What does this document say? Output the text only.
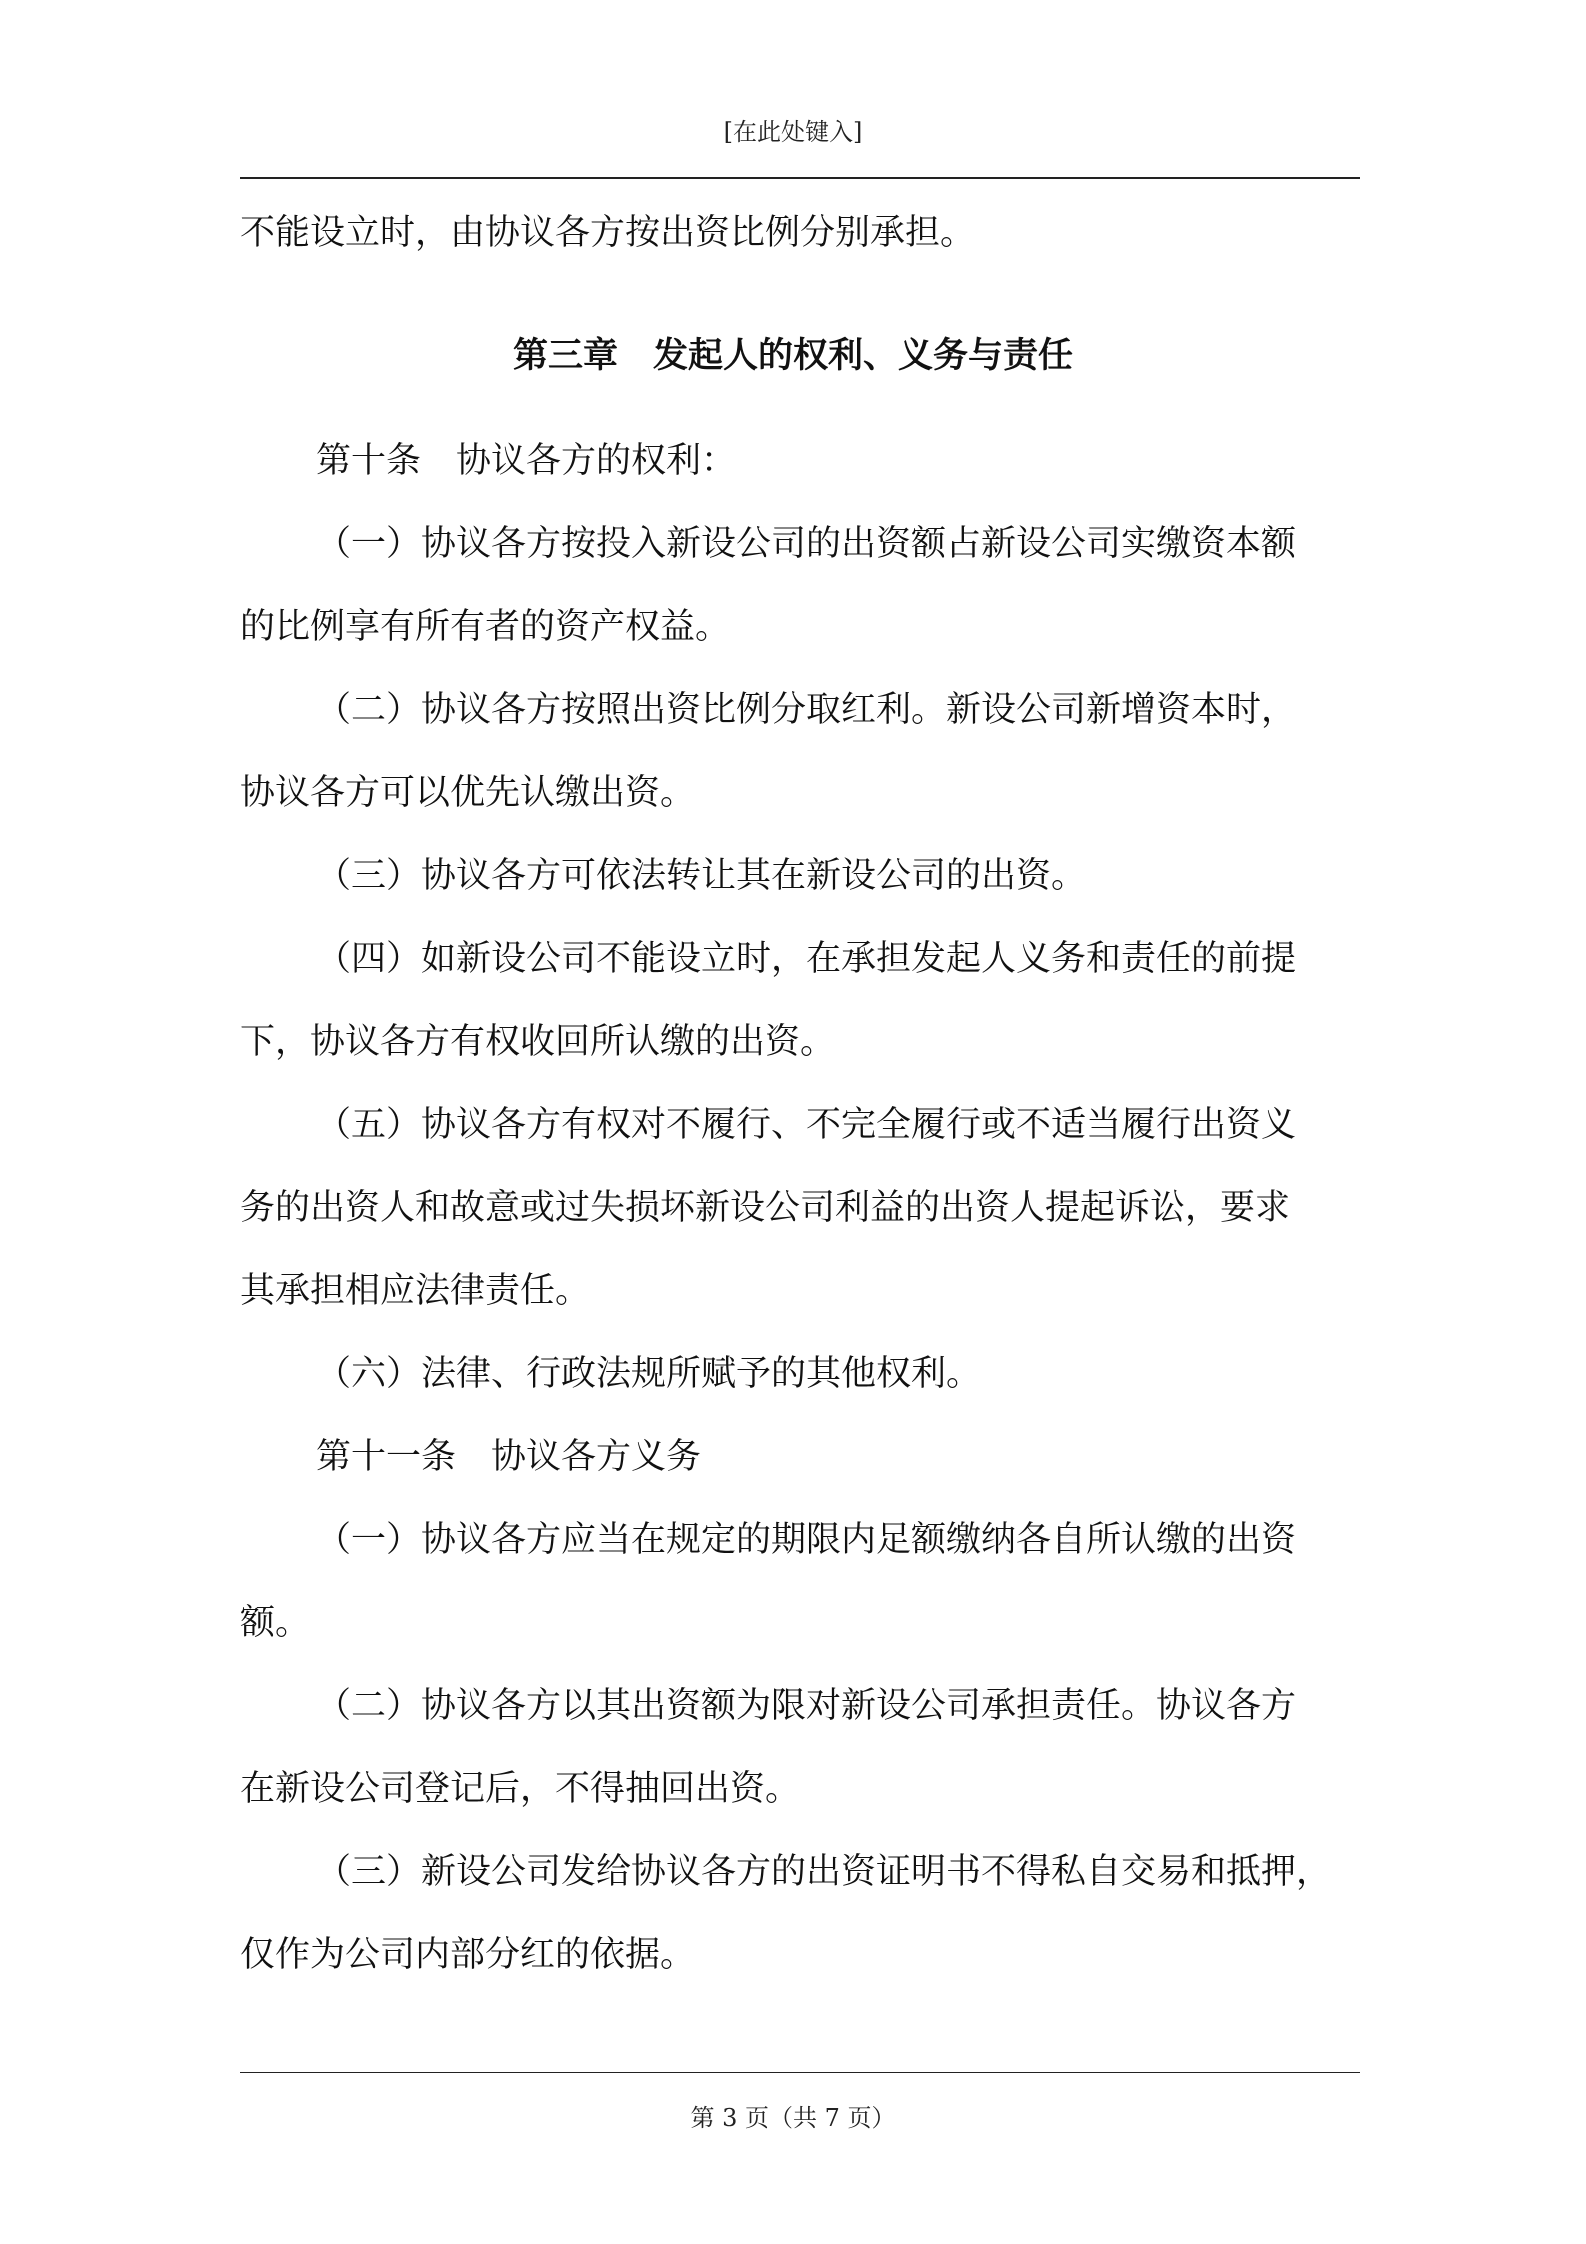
[在此处键入]
不能设立时，由协议各方按出资比例分别承担。
第三章　发起人的权利、义务与责任
第十条　协议各方的权利：
（一）协议各方按投入新设公司的出资额占新设公司实缴资本额
的比例享有所有者的资产权益。
（二）协议各方按照出资比例分取红利。新设公司新增资本时，
协议各方可以优先认缴出资。
（三）协议各方可依法转让其在新设公司的出资。
（四）如新设公司不能设立时，在承担发起人义务和责任的前提
下，协议各方有权收回所认缴的出资。
（五）协议各方有权对不履行、不完全履行或不适当履行出资义
务的出资人和故意或过失损坏新设公司利益的出资人提起诉讼，要求
其承担相应法律责任。
（六）法律、行政法规所赋予的其他权利。
第十一条　协议各方义务
（一）协议各方应当在规定的期限内足额缴纳各自所认缴的出资
额。
（二）协议各方以其出资额为限对新设公司承担责任。协议各方
在新设公司登记后，不得抽回出资。
（三）新设公司发给协议各方的出资证明书不得私自交易和抵押，
仅作为公司内部分红的依据。
第 3 页（共 7 页）
